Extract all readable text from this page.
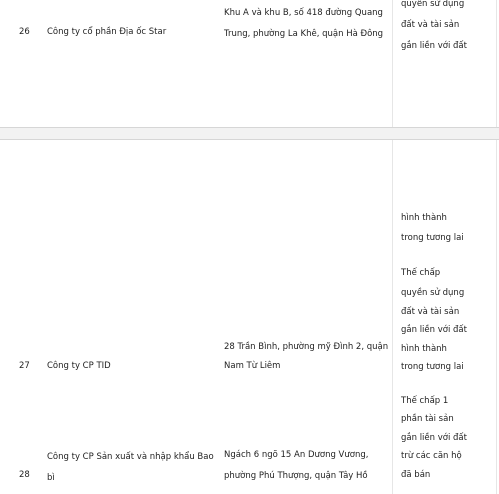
26 Công ty cổ phần Địa ốc Star
Khu A và khu B, số 418 đường Quang
Trung, phường La Khê, quận Hà Đông
quyền sử dụng
đất và tài sản
gắn liền với đất
27 Công ty CP TID
28 Trần Bình, phường mỹ Đình 2, quận
Nam Từ Liêm
hình thành
trong tương lai
Thế chấp
quyền sử dụng
đất và tài sản
gắn liền với đất
hình thành
trong tương lai
28
Công ty CP Sản xuất và nhập khẩu Bao
bì
Ngách 6 ngõ 15 An Dương Vương,
phường Phú Thượng, quận Tây Hồ
Thế chấp 1
phần tài sản
gắn liền với đất
trừ các căn hộ
đã bán
